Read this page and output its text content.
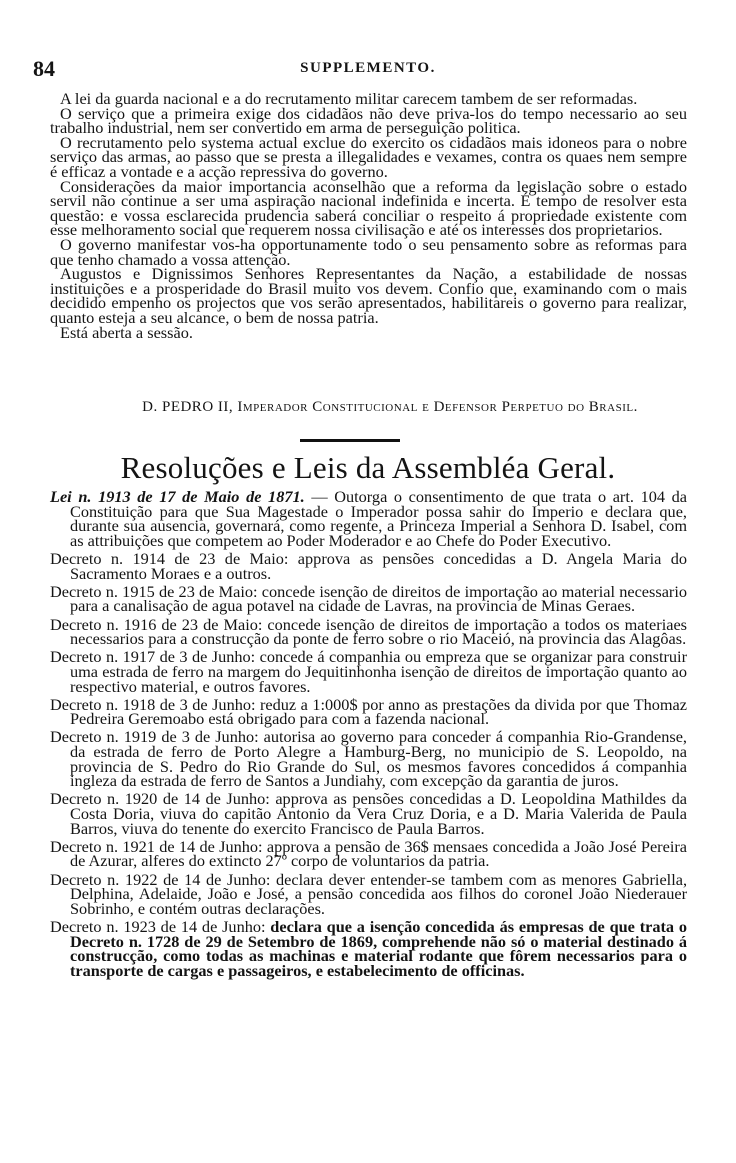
84	SUPPLEMENTO.

A lei da guarda nacional e a do recrutamento militar carecem tambem de ser reformadas.

O serviço que a primeira exige dos cidadãos não deve priva-los do tempo necessario ao seu trabalho industrial, nem ser convertido em arma de perseguição politica.

O recrutamento pelo systema actual exclue do exercito os cidadãos mais idoneos para o nobre serviço das armas, ao passo que se presta a illegalidades e vexames, contra os quaes nem sempre é efficaz a vontade e a acção repressiva do governo.

Considerações da maior importancia aconselhão que a reforma da legislação sobre o estado servil não continue a ser uma aspiração nacional indefinida e incerta. É tempo de resolver esta questão: e vossa esclarecida prudencia saberá conciliar o respeito á propriedade existente com esse melhoramento social que requerem nossa civilisação e até os interesses dos proprietarios.

O governo manifestar vos-ha opportunamente todo o seu pensamento sobre as reformas para que tenho chamado a vossa attenção.

Augustos e Dignissimos Senhores Representantes da Nação, a estabilidade de nossas instituições e a prosperidade do Brasil muito vos devem. Confio que, examinando com o mais decidido empenho os projectos que vos serão apresentados, habilitareis o governo para realizar, quanto esteja a seu alcance, o bem de nossa patria.

Está aberta a sessão.

D. PEDRO II, Imperador Constitucional e Defensor Perpetuo do Brasil.
Resoluções e Leis da Assembléa Geral.

Lei n. 1913 de 17 de Maio de 1871. — Outorga o consentimento de que trata o art. 104 da Constituição para que Sua Magestade o Imperador possa sahir do Imperio e declara que, durante sua ausencia, governará, como regente, a Princeza Imperial a Senhora D. Isabel, com as attribuições que competem ao Poder Moderador e ao Chefe do Poder Executivo.

Decreto n. 1914 de 23 de Maio: approva as pensões concedidas a D. Angela Maria do Sacramento Moraes e a outros.

Decreto n. 1915 de 23 de Maio: concede isenção de direitos de importação ao material necessario para a canalisação de agua potavel na cidade de Lavras, na provincia de Minas Geraes.

Decreto n. 1916 de 23 de Maio: concede isenção de direitos de importação a todos os materiaes necessarios para a construcção da ponte de ferro sobre o rio Maceió, na provincia das Alagôas.

Decreto n. 1917 de 3 de Junho: concede á companhia ou empreza que se organizar para construir uma estrada de ferro na margem do Jequitinhonha isenção de direitos de importação quanto ao respectivo material, e outros favores.

Decreto n. 1918 de 3 de Junho: reduz a 1:000$ por anno as prestações da divida por que Thomaz Pedreira Geremoabo está obrigado para com a fazenda nacional.

Decreto n. 1919 de 3 de Junho: autorisa ao governo para conceder á companhia Rio-Grandense, da estrada de ferro de Porto Alegre a Hamburg-Berg, no municipio de S. Leopoldo, na provincia de S. Pedro do Rio Grande do Sul, os mesmos favores concedidos á companhia ingleza da estrada de ferro de Santos a Jundiahy, com excepção da garantia de juros.

Decreto n. 1920 de 14 de Junho: approva as pensões concedidas a D. Leopoldina Mathildes da Costa Doria, viuva do capitão Antonio da Vera Cruz Doria, e a D. Maria Valerida de Paula Barros, viuva do tenente do exercito Francisco de Paula Barros.

Decreto n. 1921 de 14 de Junho: approva a pensão de 36$ mensaes concedida a João José Pereira de Azurar, alferes do extincto 27º corpo de voluntarios da patria.

Decreto n. 1922 de 14 de Junho: declara dever entender-se tambem com as menores Gabriella, Delphina, Adelaide, João e José, a pensão concedida aos filhos do coronel João Niederauer Sobrinho, e contém outras declarações.

Decreto n. 1923 de 14 de Junho: declara que a isenção concedida ás empresas de que trata o Decreto n. 1728 de 29 de Setembro de 1869, comprehende não só o material destinado á construcção, como todas as machinas e material rodante que fôrem necessarios para o transporte de cargas e passageiros, e estabelecimento de officinas.
